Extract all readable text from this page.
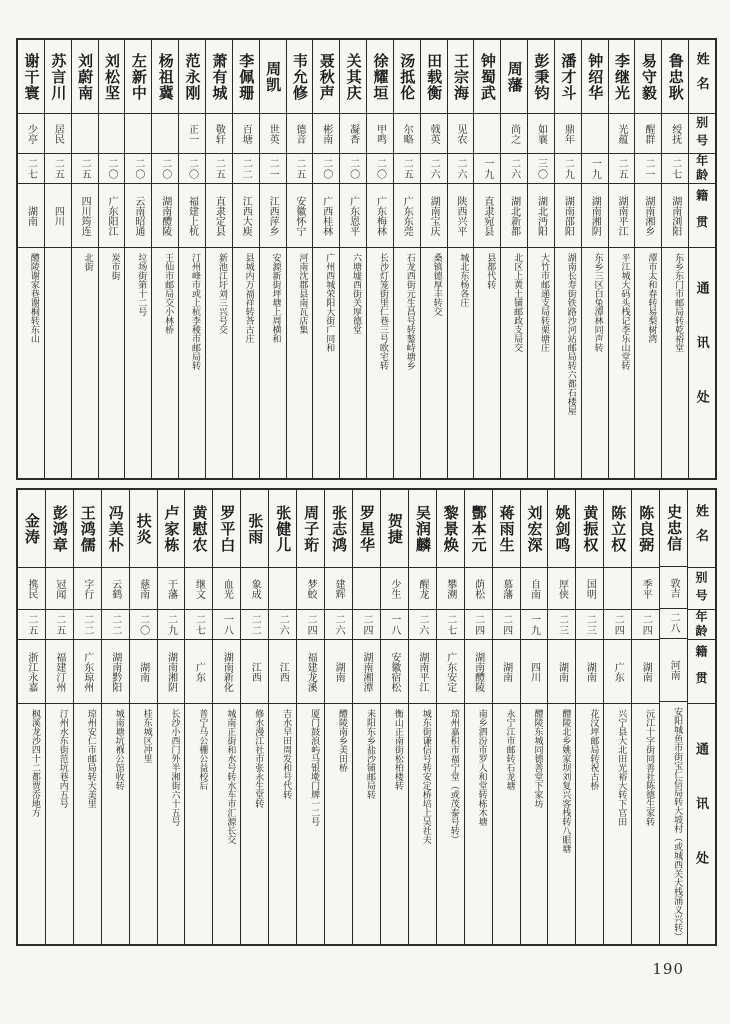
姓名
别号
年龄
籍贯
通讯处
鲁忠耿
绶抚
二七
湖南浏阳
东乡东门市邮局转乾裕堂
易守毅
醒群
二一
湖南湘乡
潭市太和春转易梨树湾
李继光
光蕴
二五
湖南平江
平江城大码头栈记李乐山堂转
钟绍华
一九
湖南湘阴
东乡三区白兔潭林同声转
潘才斗
鼎年
二九
湖南邵阳
湖南长寿街铁路沙河站邮局转六都石楼屋
彭秉钧
如襄
三〇
湖北沔阳
大竹市邮递支局转栗塘庄
周藩
尚之
二六
湖北新都
北区上黄土铺邮政支局交
钟蜀武
一九
直隶宛县
县都代转
王宗海
见农
二六
陕西兴平
城北东杨各庄
田载衡
戟英
二六
湖南宝庆
桑镇德厚丰转交
汤抵伦
尔略
二五
广东东莞
石龙西街元生昌号转鏊峙塘乡
徐耀垣
甲鸣
二〇
广东梅林
长沙灯笼街里仁巷三号欧宅转
关其庆
凝香
二〇
广东恩平
六塘墟西街关厚德堂
聂秋声
彬南
二〇
广西桂林
广州西城荣阳大街广同和
韦允修
德音
二五
安徽怀宁
河南沈郡县南瓦店集
周凯
世英
二一
江西萍乡
安源新街坪塘上周横和
李佩珊
百塘
二二
江西大庾
县城内万福祥转荅古庄
萧有城
敬轩
二五
直隶定县
新池江圩刘三兴号交
范永刚
正一
二〇
福建上杭
汀州峰市或上杭李稜市邮局转
杨祖冀
二〇
湖南醴陵
王仙市邮局交小林桥
左新中
二〇
云南昭通
垃场街第十二号
刘松坚
二〇
广东阳江
炭市街
刘蔚南
二五
四川筠连
北街
苏言川
居民
二五
四川
谢干寰
少亭
二七
湖南
醴陵谢家巷谢桐转东山
姓名
别号
年龄
籍贯
通讯处
史忠信
敦吉
二八
河南
安阳城鱼市街宝仁信局转大坡村（或城西关大栈涌义兴转）
陈良弼
季平
二四
湖南
沅江十字街同善社陈德生家转
陈立权
二四
广东
兴宁县大北田光裕大转下官田
黄振权
国明
二三
湖南
花汶坪邮局转祝古桥
姚剑鸣
厚侠
二三
湖南
醴陵北乡姚家坝刘复兴客栈转八眼塘
刘宏深
自南
一九
四川
醴陵东城同德善堂下家坊
蒋雨生
慕藩
二四
湖南
永宁江市邮转石龙塘
酆本元
荫松
二四
湖南醴陵
南乡泗汾市罗人和堂转栋木塘
黎景焕
攀溯
二七
广东安定
琼州嘉积市福宁堂（或茂泰号转）
吴润麟
醒龙
二六
湖南平江
城东街谦信号转安定桥培上吴社夫
贺捷
少生
一八
安徽宿松
衡山正南街松柏楼转
罗星华
二四
湖南湘潭
耒阳东乡盐沙铺邮局转
张志鸿
建辉
二六
湖南
醴陵南乡美田桥
周子珩
梦蛟
二四
福建龙溪
厦门鼓浪屿马银墘门牌一二号
张健儿
二六
江西
吉水早田周发和号代转
张雨
象成
二二
江西
修水漫江社市张永生堂转
罗平白
血光
一八
湖南新化
城南正街和水号转水车市汇源长交
黄慰农
继文
二七
广东
普宁马公栅公益校后
卢家栋
干藩
二九
湖南湘阴
长沙小西门外半湘街六十五号
扶炎
慈南
二〇
湖南
桂东城区冲里
冯美朴
云鹤
二二
湖南黔阳
城南塘坑褓公馆收转
王鸿儒
字行
二二
广东琼州
琼州安仁市邮局转大美里
彭鸿章
冠闻
二五
福建汀州
汀州水东街范坑巷内五号
金涛
携民
二五
浙江永嘉
枫溪龙沙四十二都贾岙地方
190
